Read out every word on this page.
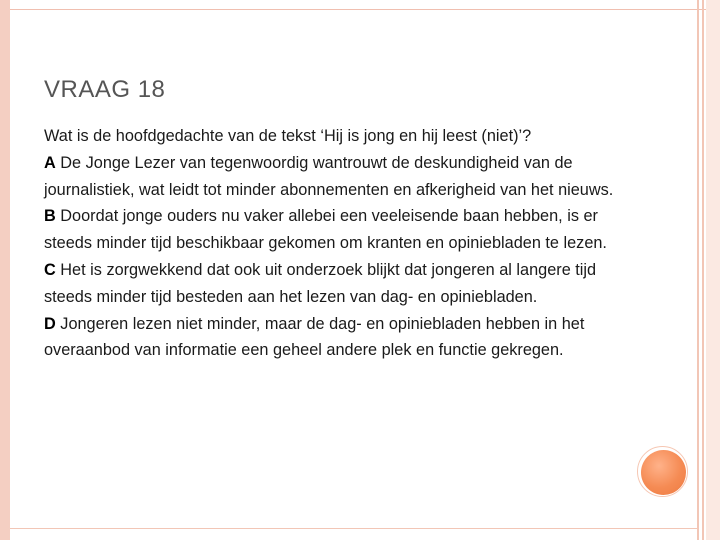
VRAAG 18

Wat is de hoofdgedachte van de tekst ‘Hij is jong en hij leest (niet)’?

A De Jonge Lezer van tegenwoordig wantrouwt de deskundigheid van de journalistiek, wat leidt tot minder abonnementen en afkerigheid van het nieuws.

B Doordat jonge ouders nu vaker allebei een veeleisende baan hebben, is er steeds minder tijd beschikbaar gekomen om kranten en opiniebladen te lezen.

C Het is zorgwekkend dat ook uit onderzoek blijkt dat jongeren al langere tijd steeds minder tijd besteden aan het lezen van dag- en opiniebladen.

D Jongeren lezen niet minder, maar de dag- en opiniebladen hebben in het overaanbod van informatie een geheel andere plek en functie gekregen.
